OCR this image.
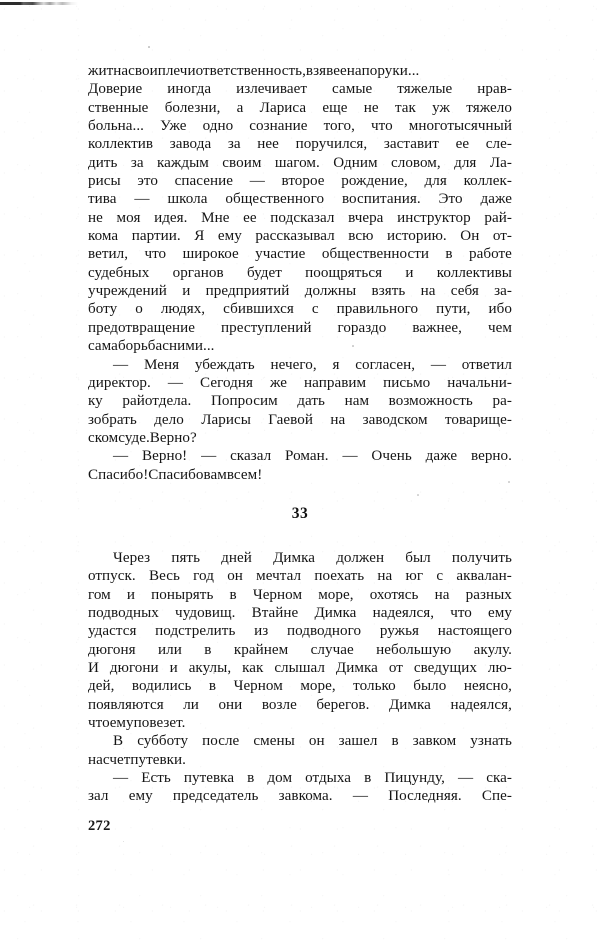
жит на свои плечи ответственность, взяв ее на поруки...
Доверие иногда излечивает самые тяжелые нрав-
ственные болезни, а Лариса еще не так уж тяжело
больна... Уже одно сознание того, что многотысячный
коллектив завода за нее поручился, заставит ее сле-
дить за каждым своим шагом. Одним словом, для Ла-
рисы это спасение — второе рождение, для коллек-
тива — школа общественного воспитания. Это даже
не моя идея. Мне ее подсказал вчера инструктор рай-
кома партии. Я ему рассказывал всю историю. Он от-
ветил, что широкое участие общественности в работе
судебных органов будет поощряться и коллективы
учреждений и предприятий должны взять на себя за-
боту о людях, сбившихся с правильного пути, ибо
предотвращение преступлений гораздо важнее, чем
сама борьба с ними...

— Меня убеждать нечего, я согласен, — ответил
директор. — Сегодня же направим письмо начальни-
ку райотдела. Попросим дать нам возможность ра-
зобрать дело Ларисы Гаевой на заводском товарище-
ском суде. Верно?

— Верно! — сказал Роман. — Очень даже верно.
Спасибо! Спасибо вам всем!

33

Через пять дней Димка должен был получить
отпуск. Весь год он мечтал поехать на юг с аквалан-
гом и понырять в Черном море, охотясь на разных
подводных чудовищ. Втайне Димка надеялся, что ему
удастся подстрелить из подводного ружья настоящего
дюгоня или в крайнем случае небольшую акулу.
И дюгони и акулы, как слышал Димка от сведущих лю-
дей, водились в Черном море, только было неясно,
появляются ли они возле берегов. Димка надеялся,
что ему повезет.

В субботу после смены он зашел в завком узнать
насчет путевки.

— Есть путевка в дом отдыха в Пицунду, — ска-
зал ему председатель завкома. — Последняя. Спе-

272
